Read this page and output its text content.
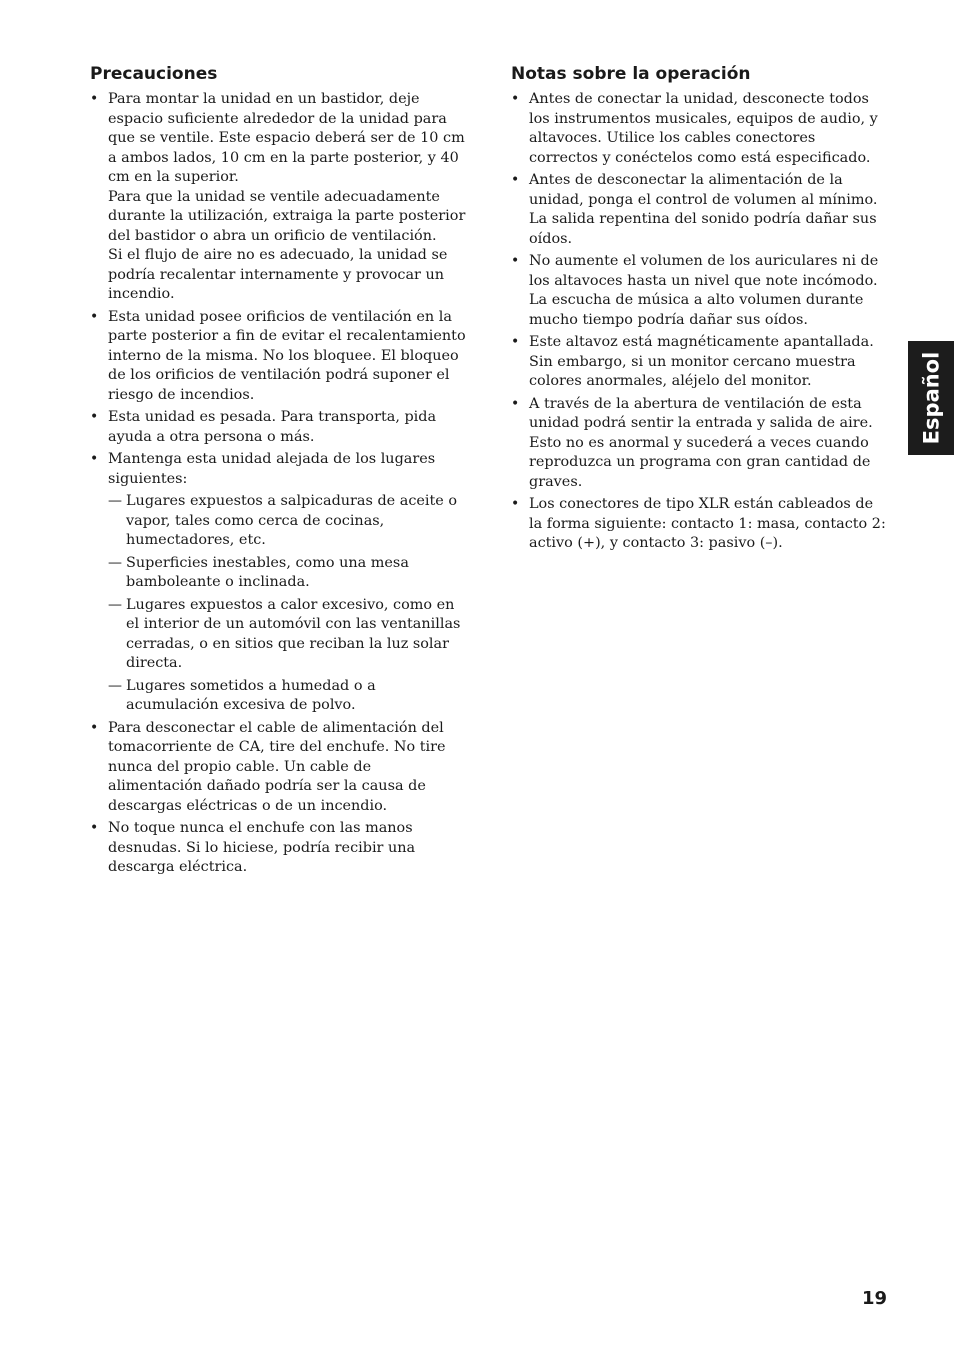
Precauciones

• Para montar la unidad en un bastidor, deje espacio suficiente alrededor de la unidad para que se ventile. Este espacio deberá ser de 10 cm a ambos lados, 10 cm en la parte posterior, y 40 cm en la superior.

Para que la unidad se ventile adecuadamente durante la utilización, extraiga la parte posterior del bastidor o abra un orificio de ventilación.

Si el flujo de aire no es adecuado, la unidad se podría recalentar internamente y provocar un incendio.

• Esta unidad posee orificios de ventilación en la parte posterior a fin de evitar el recalentamiento interno de la misma. No los bloquee. El bloqueo de los orificios de ventilación podrá suponer el riesgo de incendios.

• Esta unidad es pesada. Para transporta, pida ayuda a otra persona o más.

• Mantenga esta unidad alejada de los lugares siguientes:

— Lugares expuestos a salpicaduras de aceite o vapor, tales como cerca de cocinas, humectadores, etc.
— Superficies inestables, como una mesa bamboleante o inclinada.
— Lugares expuestos a calor excesivo, como en el interior de un automóvil con las ventanillas cerradas, o en sitios que reciban la luz solar directa.
— Lugares sometidos a humedad o a acumulación excesiva de polvo.

• Para desconectar el cable de alimentación del tomacorriente de CA, tire del enchufe. No tire nunca del propio cable. Un cable de alimentación dañado podría ser la causa de descargas eléctricas o de un incendio.

• No toque nunca el enchufe con las manos desnudas. Si lo hiciese, podría recibir una descarga eléctrica.

Notas sobre la operación

• Antes de conectar la unidad, desconecte todos los instrumentos musicales, equipos de audio, y altavoces. Utilice los cables conectores correctos y conéctelos como está especificado.

• Antes de desconectar la alimentación de la unidad, ponga el control de volumen al mínimo. La salida repentina del sonido podría dañar sus oídos.

• No aumente el volumen de los auriculares ni de los altavoces hasta un nivel que note incómodo. La escucha de música a alto volumen durante mucho tiempo podría dañar sus oídos.

• Este altavoz está magnéticamente apantallada. Sin embargo, si un monitor cercano muestra colores anormales, aléjelo del monitor.

• A través de la abertura de ventilación de esta unidad podrá sentir la entrada y salida de aire. Esto no es anormal y sucederá a veces cuando reproduzca un programa con gran cantidad de graves.

• Los conectores de tipo XLR están cableados de la forma siguiente: contacto 1: masa, contacto 2: activo (+), y contacto 3: pasivo (–).

Español
19
